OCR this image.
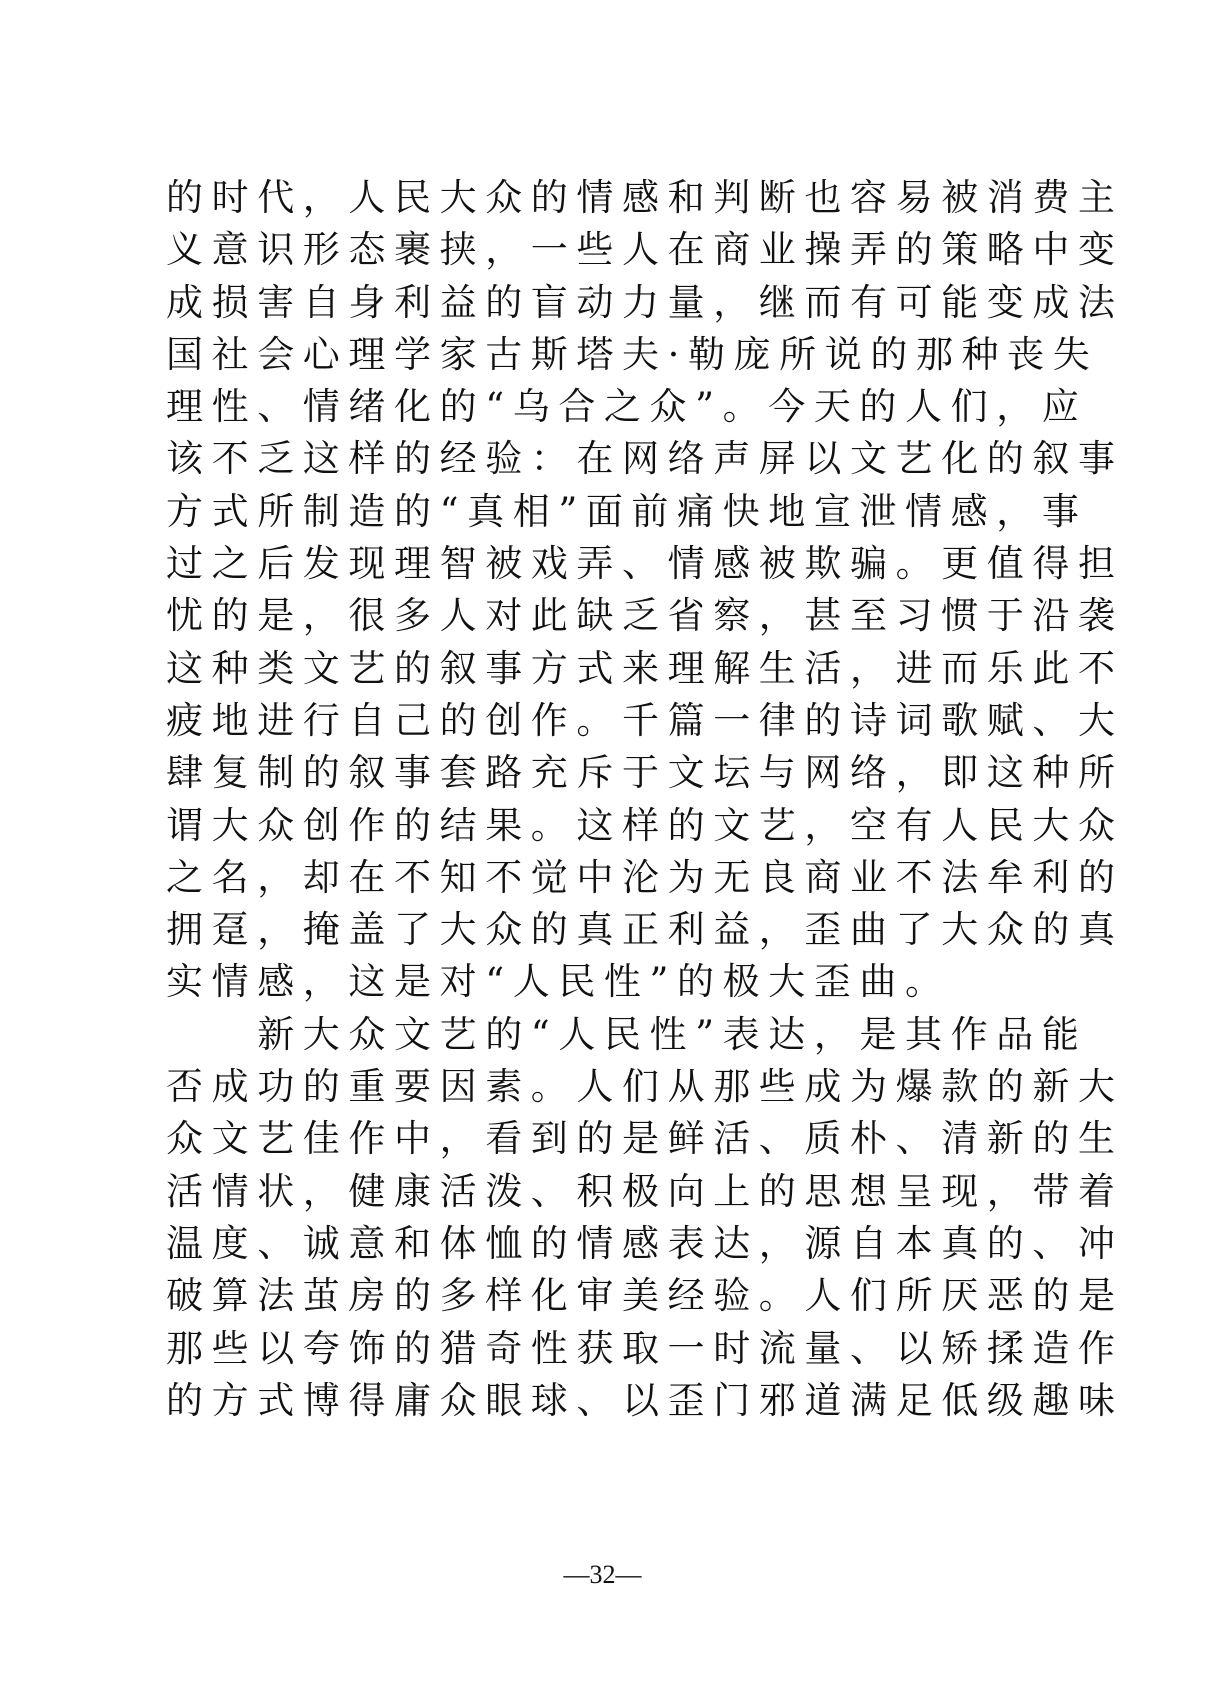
的时代，人民大众的情感和判断也容易被消费主
义意识形态裹挟，一些人在商业操弄的策略中变
成损害自身利益的盲动力量，继而有可能变成法
国社会心理学家古斯塔夫·勒庞所说的那种丧失
理性、情绪化的“乌合之众”。今天的人们，应
该不乏这样的经验：在网络声屏以文艺化的叙事
方式所制造的“真相”面前痛快地宣泄情感，事
过之后发现理智被戏弄、情感被欺骗。更值得担
忧的是，很多人对此缺乏省察，甚至习惯于沿袭
这种类文艺的叙事方式来理解生活，进而乐此不
疲地进行自己的创作。千篇一律的诗词歌赋、大
肆复制的叙事套路充斥于文坛与网络，即这种所
谓大众创作的结果。这样的文艺，空有人民大众
之名，却在不知不觉中沦为无良商业不法牟利的
拥趸，掩盖了大众的真正利益，歪曲了大众的真
实情感，这是对“人民性”的极大歪曲。
　　新大众文艺的“人民性”表达，是其作品能
否成功的重要因素。人们从那些成为爆款的新大
众文艺佳作中，看到的是鲜活、质朴、清新的生
活情状，健康活泼、积极向上的思想呈现，带着
温度、诚意和体恤的情感表达，源自本真的、冲
破算法茧房的多样化审美经验。人们所厌恶的是
那些以夸饰的猎奇性获取一时流量、以矫揉造作
的方式博得庸众眼球、以歪门邪道满足低级趣味
—32—
